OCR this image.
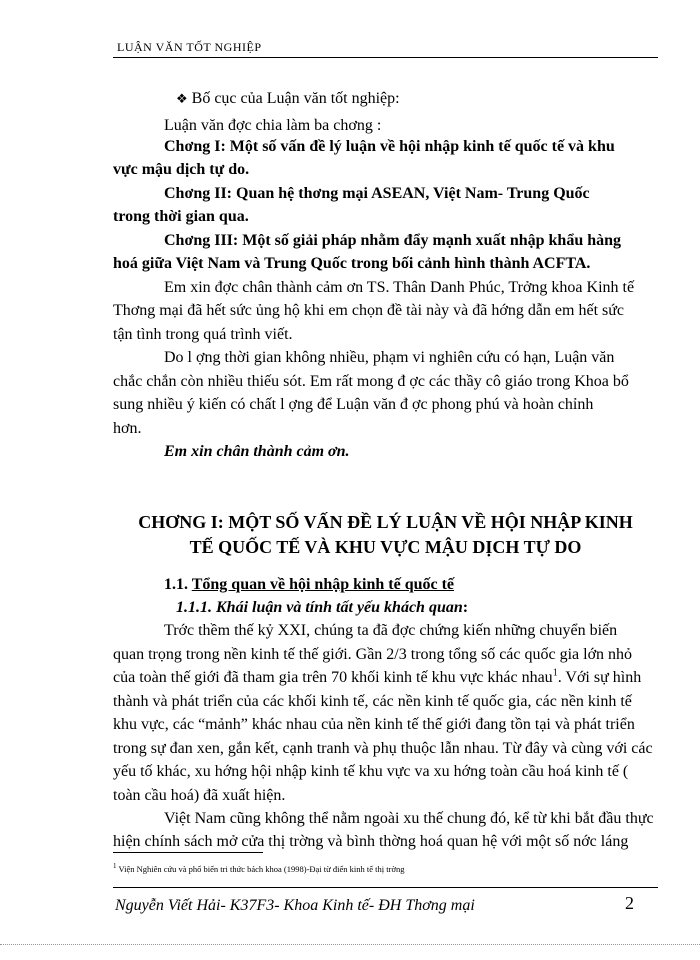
LUẬN VĂN TỐT NGHIỆP
❖ Bố cục của Luận văn tốt nghiệp:
Luận văn đợc chia làm ba chơng :
Chơng I: Một số vấn đề lý luận về hội nhập kinh tế quốc tế và khu
vực mậu dịch tự do.
Chơng II: Quan hệ thơng mại ASEAN, Việt Nam- Trung Quốc
trong thời gian qua.
Chơng III: Một số giải pháp nhằm đẩy mạnh xuất nhập khẩu hàng
hoá giữa Việt Nam và Trung Quốc trong bối cảnh hình thành ACFTA.
Em xin đợc chân thành cảm ơn TS. Thân Danh Phúc, Trởng khoa Kinh tế
Thơng mại đã hết sức ủng hộ khi em chọn đề tài này và đã hớng dẫn em hết sức
tận tình trong quá trình viết.
Do l ợng thời gian không nhiều, phạm vi nghiên cứu có hạn, Luận văn
chắc chắn còn nhiều thiếu sót. Em rất mong đ ợc các thầy cô giáo trong Khoa bổ
sung nhiều ý kiến có chất l ợng để Luận văn đ ợc phong phú và hoàn chỉnh
hơn.
Em xin chân thành cảm ơn.
CHƠNG I: MỘT SỐ VẤN ĐỀ LÝ LUẬN VỀ HỘI NHẬP KINH
TẾ QUỐC TẾ VÀ KHU VỰC MẬU DỊCH TỰ DO
1.1. Tổng quan về hội nhập kinh tế quốc tế
1.1.1. Khái luận và tính tất yếu khách quan:
Trớc thềm thế kỷ XXI, chúng ta đã đợc chứng kiến những chuyển biến
quan trọng trong nền kinh tế thế giới. Gần 2/3 trong tổng số các quốc gia lớn nhỏ
của toàn thế giới đã tham gia trên 70 khối kinh tế khu vực khác nhau$^1$. Với sự hình
thành và phát triển của các khối kinh tế, các nền kinh tế quốc gia, các nền kinh tế
khu vực, các “mảnh” khác nhau của nền kinh tế thế giới đang tồn tại và phát triển
trong sự đan xen, gắn kết, cạnh tranh và phụ thuộc lẫn nhau. Từ đây và cùng với các
yếu tố khác, xu hớng hội nhập kinh tế khu vực va xu hớng toàn cầu hoá kinh tế (
toàn cầu hoá) đã xuất hiện.
Việt Nam cũng không thể nằm ngoài xu thế chung đó, kể từ khi bắt đầu thực
hiện chính sách mở cửa thị trờng và bình thờng hoá quan hệ với một số nớc láng
$^1$ Viện Nghiên cứu và phổ biến tri thức bách khoa (1998)-Đại từ điển kinh tế thị trờng
Nguyễn Viết Hải- K37F3- Khoa Kinh tế- ĐH Thơng mại	2
